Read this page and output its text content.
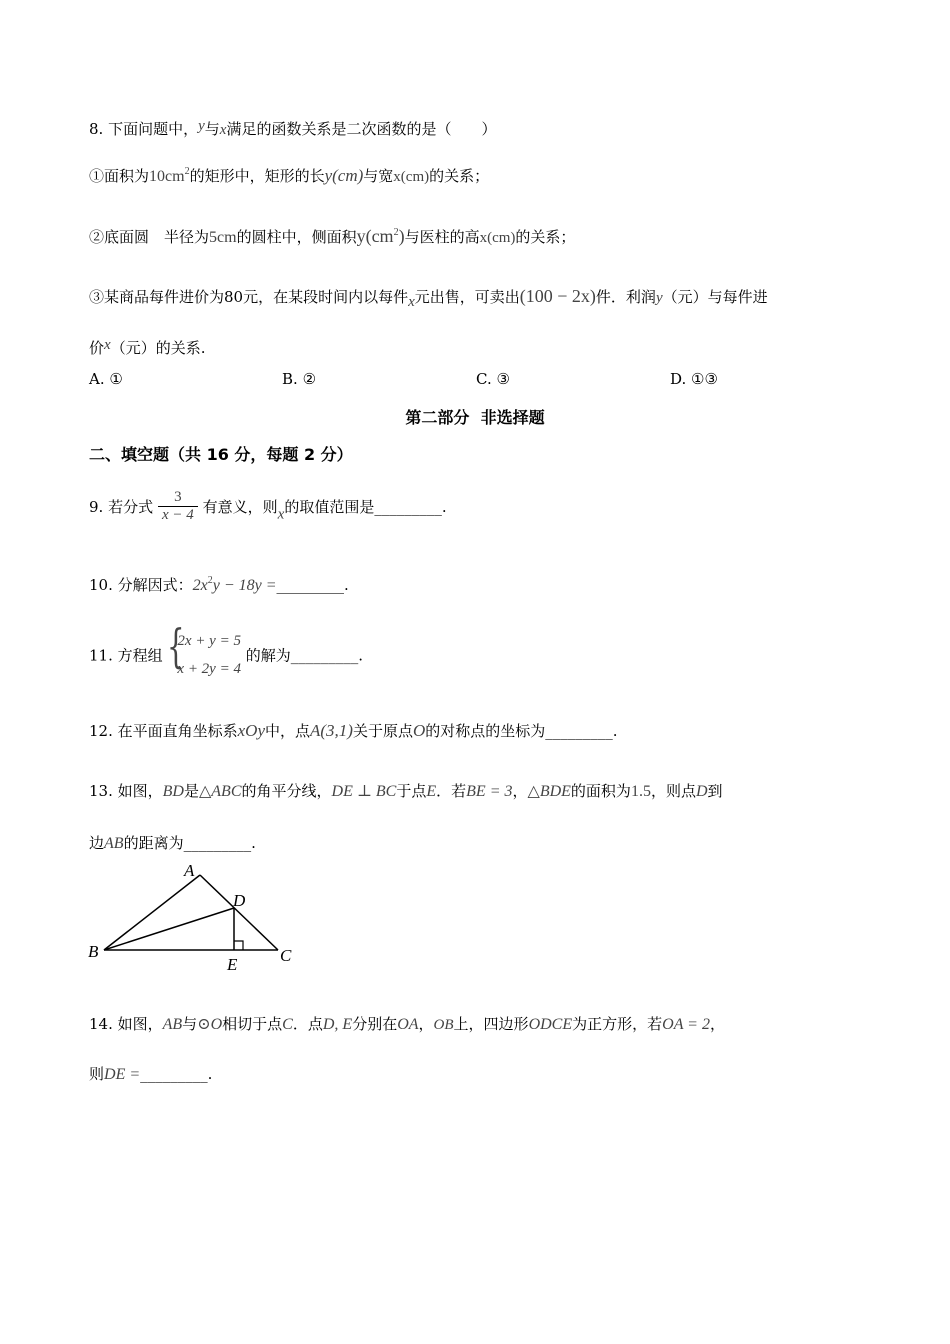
8. 下面问题中，y与x满足的函数关系是二次函数的是（　　）
①面积为$10cm^2$的矩形中，矩形的长y(cm)与宽x(cm)的关系；
②底面圆　半径为5cm的圆柱中，侧面积$y(cm^2)$与医柱的高x(cm)的关系；
③某商品每件进价为80元，在某段时间内以每件x元出售，可卖出(100 − 2x)件．利润y（元）与每件进
价x（元）的关系.
A. ①	B. ②	C. ③	D. ①③
第二部分  非选择题
二、填空题（共 16 分，每题 2 分）
9. 若分式 $\frac{3}{x - 4}$ 有意义，则x的取值范围是_________.
10. 分解因式：$2x^2y - 18y$ =_________.
11. 方程组 {
2x + y = 5
x + 2y = 4
的解为_________.
12. 在平面直角坐标系xOy中，点A(3,1)关于原点O的对称点的坐标为_________.
13. 如图，BD是△ABC的角平分线，DE ⊥ BC于点E．若BE = 3，△BDE的面积为1.5，则点D到
边AB的距离为_________.
A
B	C
D
E
14. 如图，AB与⊙O相切于点C．点D, E分别在OA，OB上，四边形ODCE为正方形，若OA = 2，
则DE =_________.
